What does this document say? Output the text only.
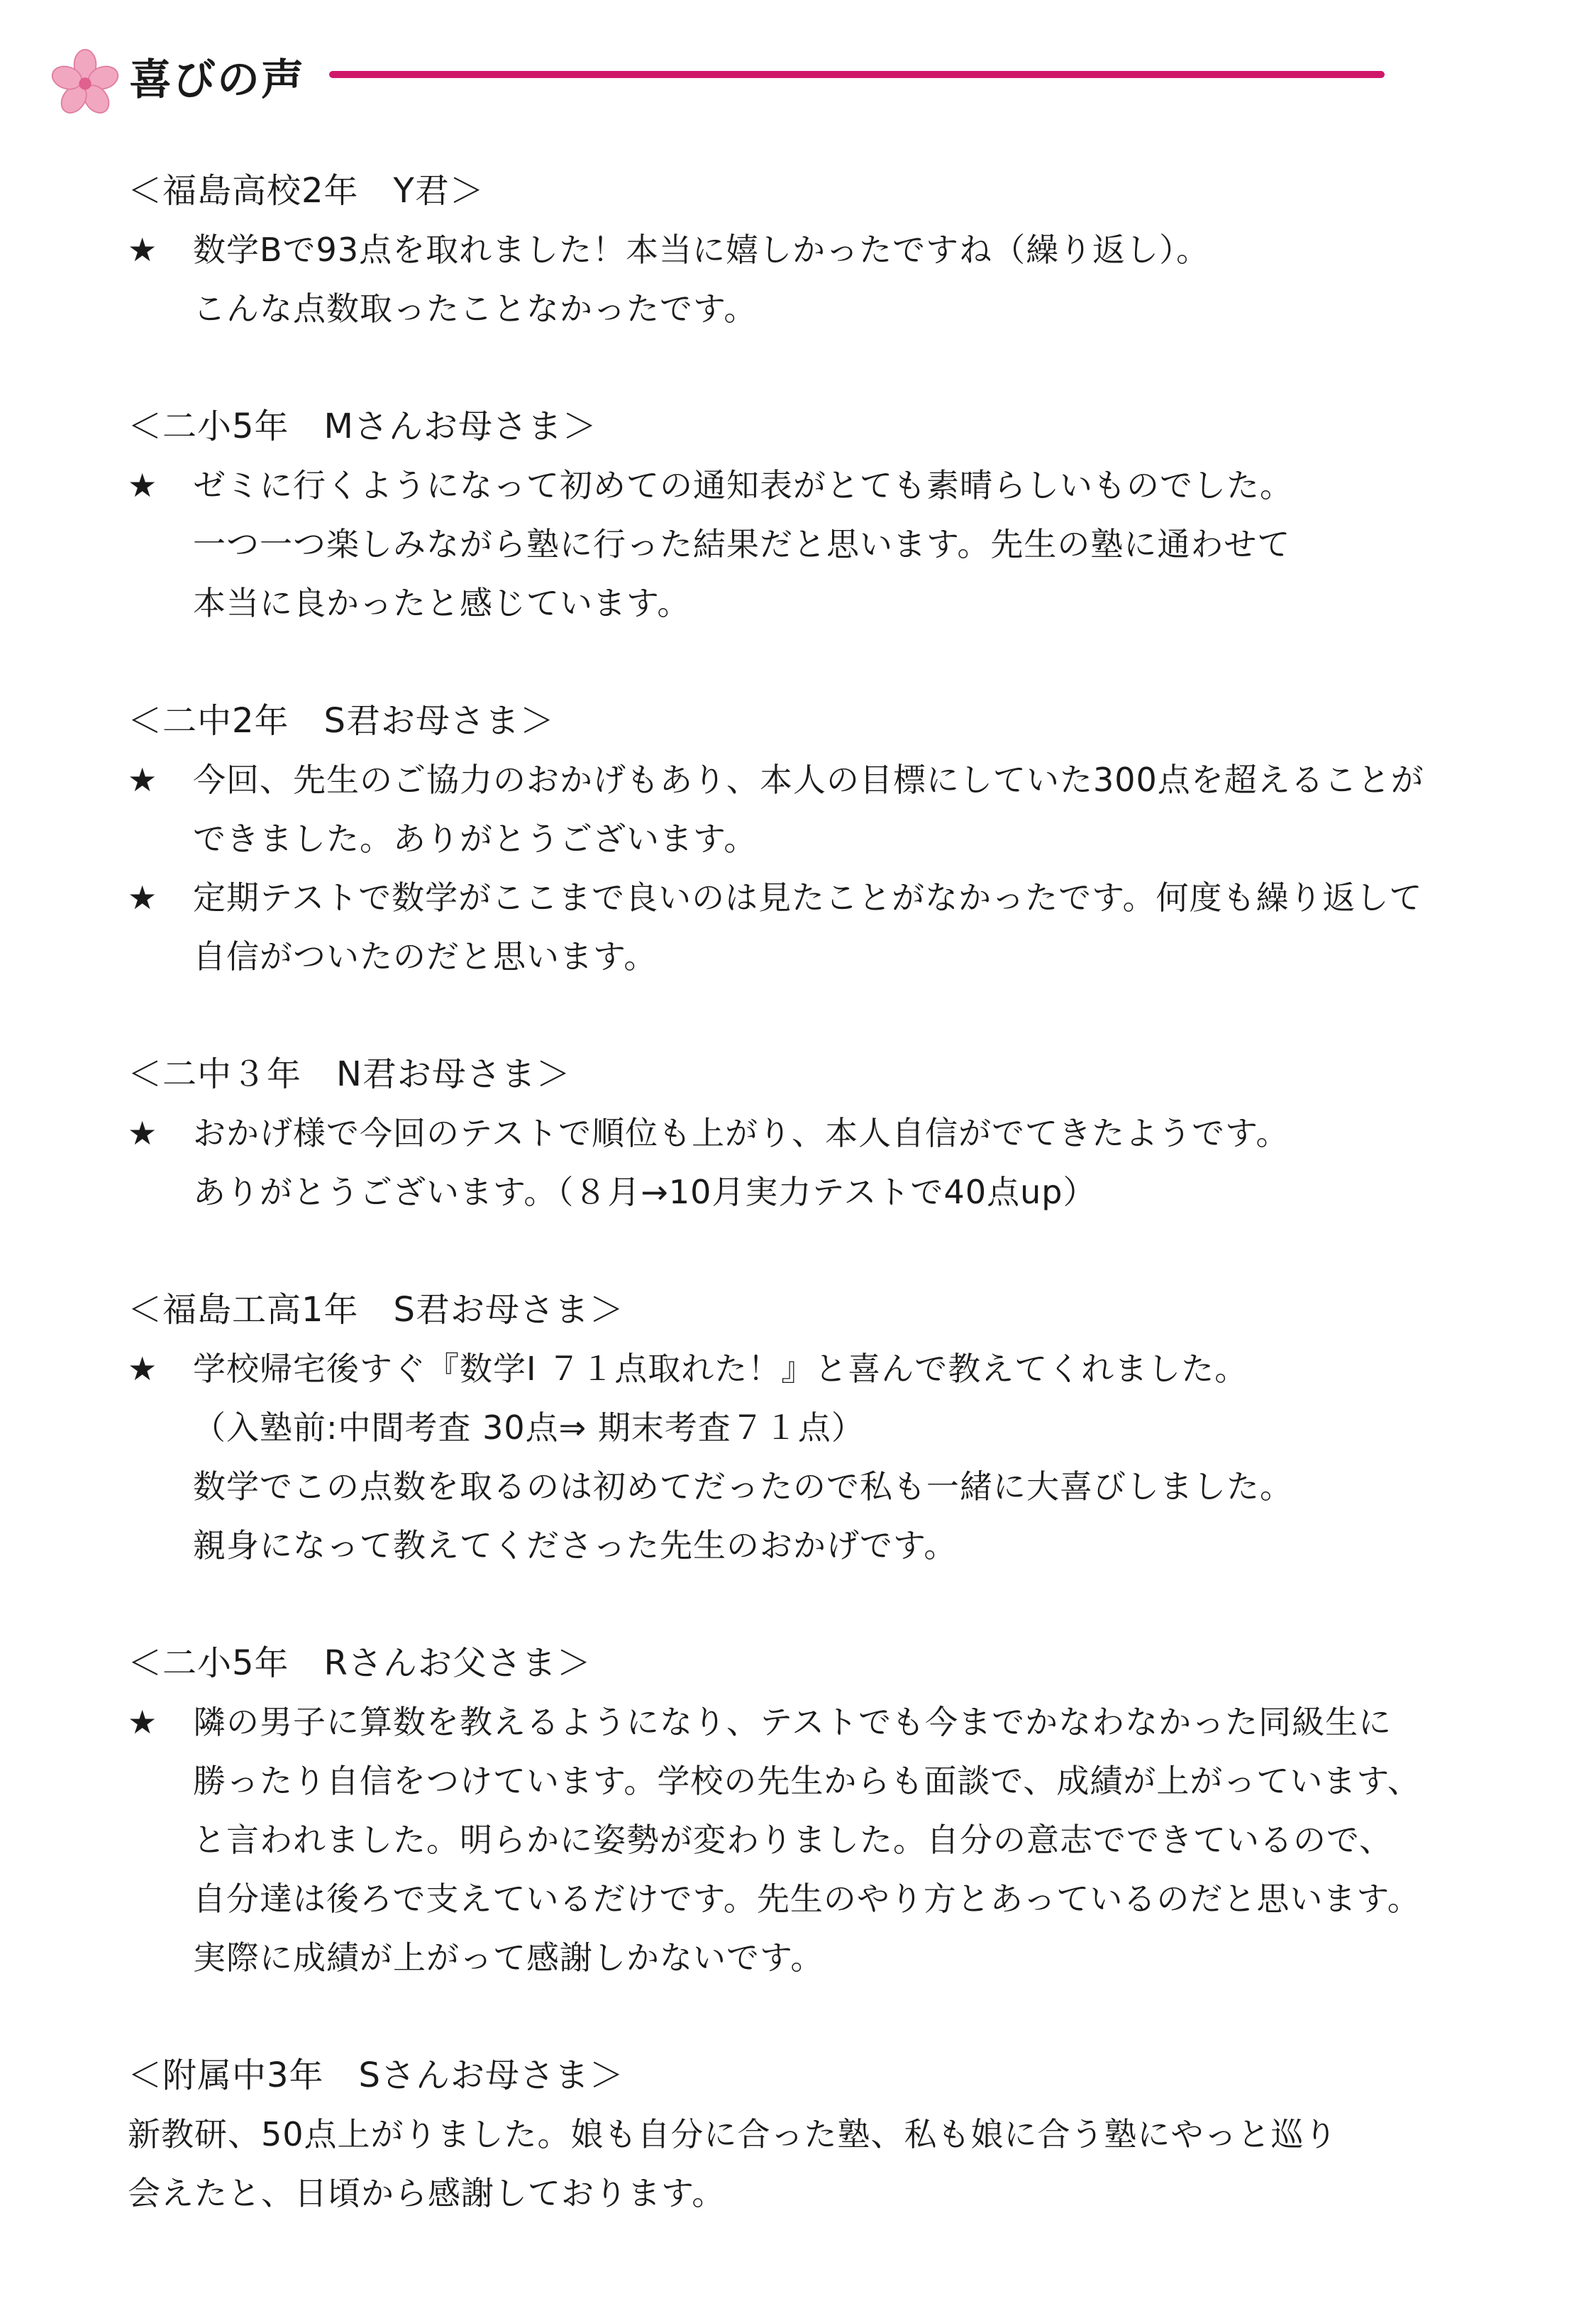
喜びの声
＜福島高校2年　Y君＞
★ 数学Bで93点を取れました！本当に嬉しかったですね（繰り返し）。
こんな点数取ったことなかったです。
＜二小5年　Mさんお母さま＞
★ ゼミに行くようになって初めての通知表がとても素晴らしいものでした。
一つ一つ楽しみながら塾に行った結果だと思います。先生の塾に通わせて
本当に良かったと感じています。
＜二中2年　S君お母さま＞
★ 今回、先生のご協力のおかげもあり、本人の目標にしていた300点を超えることが
できました。ありがとうございます。
★ 定期テストで数学がここまで良いのは見たことがなかったです。何度も繰り返して
自信がついたのだと思います。
＜二中３年　N君お母さま＞
★ おかげ様で今回のテストで順位も上がり、本人自信がでてきたようです。
ありがとうございます。（８月→10月実力テストで40点up）
＜福島工高1年　S君お母さま＞
★ 学校帰宅後すぐ『数学Ⅰ ７１点取れた！』と喜んで教えてくれました。
（入塾前:中間考査 30点⇒ 期末考査７１点）
数学でこの点数を取るのは初めてだったので私も一緒に大喜びしました。
親身になって教えてくださった先生のおかげです。
＜二小5年　Rさんお父さま＞
★ 隣の男子に算数を教えるようになり、テストでも今までかなわなかった同級生に
勝ったり自信をつけています。学校の先生からも面談で、成績が上がっています、
と言われました。明らかに姿勢が変わりました。自分の意志でできているので、
自分達は後ろで支えているだけです。先生のやり方とあっているのだと思います。
実際に成績が上がって感謝しかないです。
＜附属中3年　Sさんお母さま＞
新教研、50点上がりました。娘も自分に合った塾、私も娘に合う塾にやっと巡り
会えたと、日頃から感謝しております。
